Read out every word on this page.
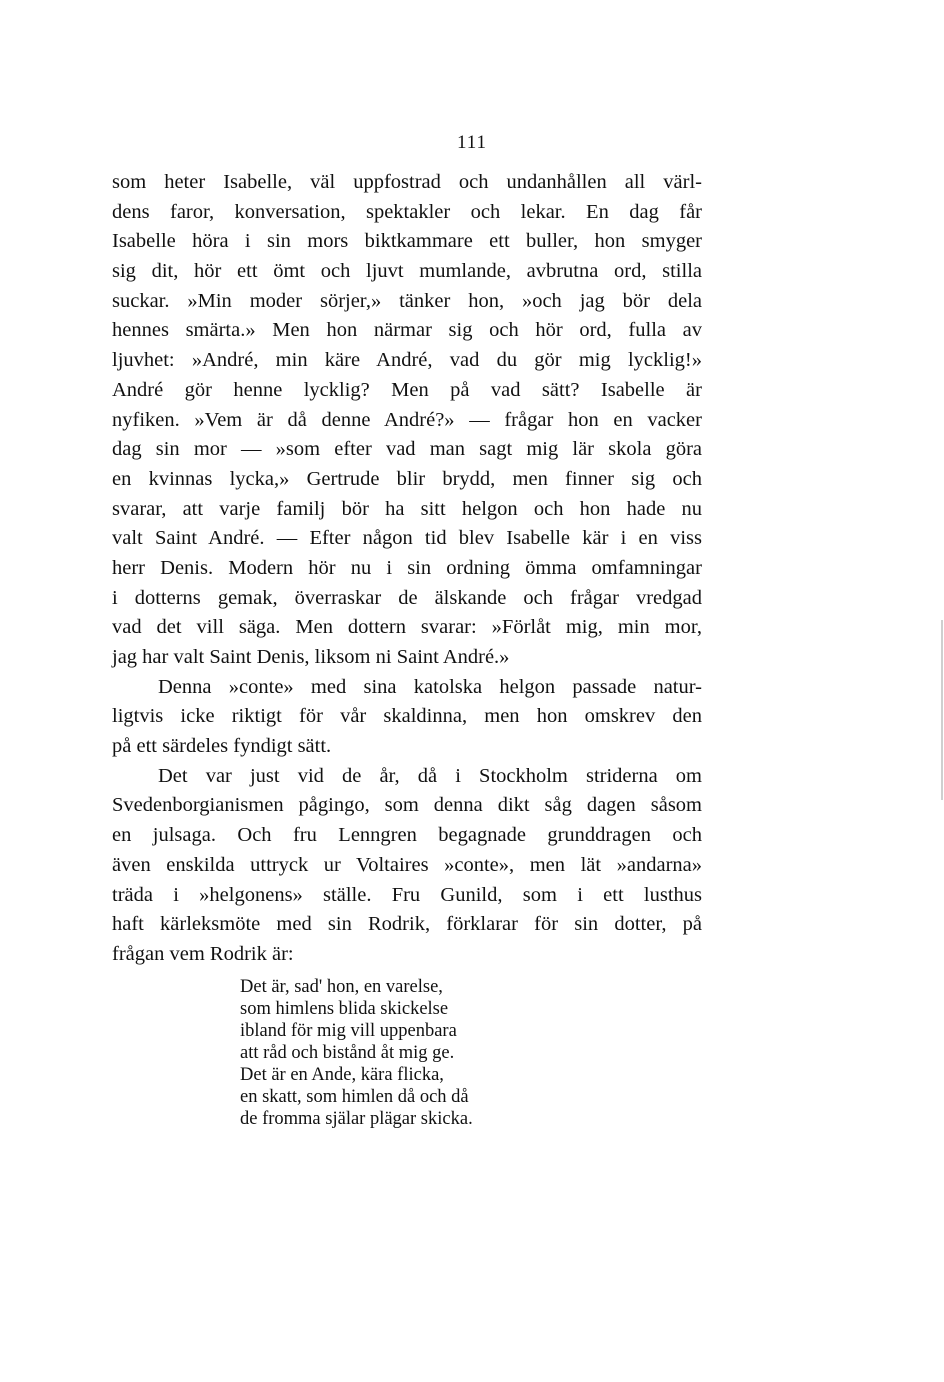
111
som heter Isabelle, väl uppfostrad och undanhållen all värl-
dens faror, konversation, spektakler och lekar. En dag får
Isabelle höra i sin mors biktkammare ett buller, hon smyger
sig dit, hör ett ömt och ljuvt mumlande, avbrutna ord, stilla
suckar. »Min moder sörjer,» tänker hon, »och jag bör dela
hennes smärta.» Men hon närmar sig och hör ord, fulla av
ljuvhet: »André, min käre André, vad du gör mig lycklig!»
André gör henne lycklig? Men på vad sätt? Isabelle är
nyfiken. »Vem är då denne André?» — frågar hon en vacker
dag sin mor — »som efter vad man sagt mig lär skola göra
en kvinnas lycka,» Gertrude blir brydd, men finner sig och
svarar, att varje familj bör ha sitt helgon och hon hade nu
valt Saint André. — Efter någon tid blev Isabelle kär i en viss
herr Denis. Modern hör nu i sin ordning ömma omfamningar
i dotterns gemak, överraskar de älskande och frågar vredgad
vad det vill säga. Men dottern svarar: »Förlåt mig, min mor,
jag har valt Saint Denis, liksom ni Saint André.»
Denna »conte» med sina katolska helgon passade natur-
ligtvis icke riktigt för vår skaldinna, men hon omskrev den
på ett särdeles fyndigt sätt.
Det var just vid de år, då i Stockholm striderna om
Svedenborgianismen pågingo, som denna dikt såg dagen såsom
en julsaga. Och fru Lenngren begagnade grunddragen och
även enskilda uttryck ur Voltaires »conte», men lät »andarna»
träda i »helgonens» ställe. Fru Gunild, som i ett lusthus
haft kärleksmöte med sin Rodrik, förklarar för sin dotter, på
frågan vem Rodrik är:
Det är, sad' hon, en varelse,
som himlens blida skickelse
ibland för mig vill uppenbara
att råd och bistånd åt mig ge.
Det är en Ande, kära flicka,
en skatt, som himlen då och då
de fromma själar plägar skicka.
